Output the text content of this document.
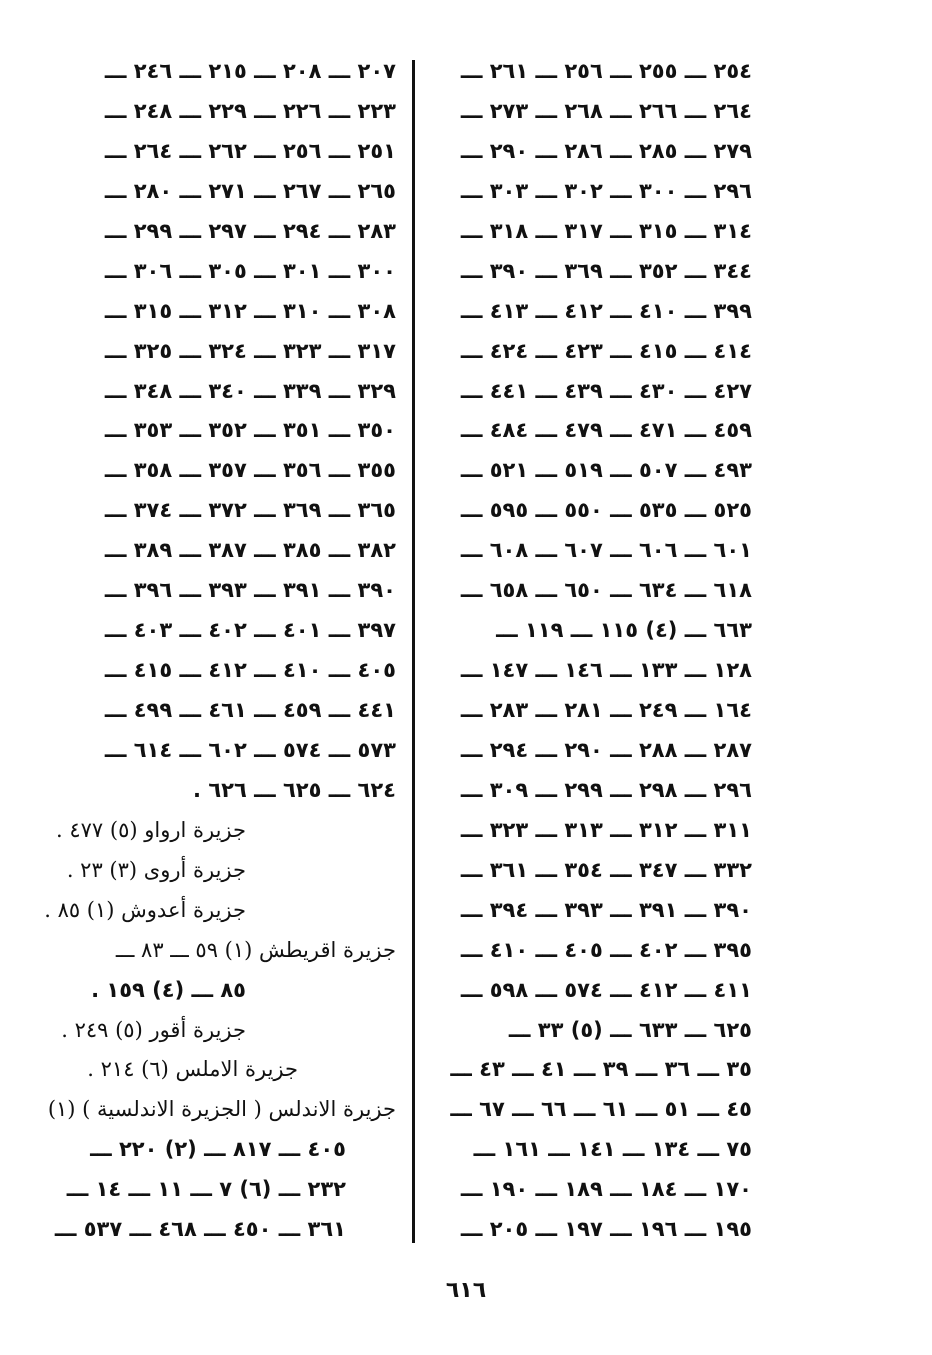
٢٥٤ ـــ ٢٥٥ ـــ ٢٥٦ ـــ ٢٦١ ـــ
٢٦٤ ـــ ٢٦٦ ـــ ٢٦٨ ـــ ٢٧٣ ـــ
٢٧٩ ـــ ٢٨٥ ـــ ٢٨٦ ـــ ٢٩٠ ـــ
٢٩٦ ـــ ٣٠٠ ـــ ٣٠٢ ـــ ٣٠٣ ـــ
٣١٤ ـــ ٣١٥ ـــ ٣١٧ ـــ ٣١٨ ـــ
٣٤٤ ـــ ٣٥٢ ـــ ٣٦٩ ـــ ٣٩٠ ـــ
٣٩٩ ـــ ٤١٠ ـــ ٤١٢ ـــ ٤١٣ ـــ
٤١٤ ـــ ٤١٥ ـــ ٤٢٣ ـــ ٤٢٤ ـــ
٤٢٧ ـــ ٤٣٠ ـــ ٤٣٩ ـــ ٤٤١ ـــ
٤٥٩ ـــ ٤٧١ ـــ ٤٧٩ ـــ ٤٨٤ ـــ
٤٩٣ ـــ ٥٠٧ ـــ ٥١٩ ـــ ٥٢١ ـــ
٥٢٥ ـــ ٥٣٥ ـــ ٥٥٠ ـــ ٥٩٥ ـــ
٦٠١ ـــ ٦٠٦ ـــ ٦٠٧ ـــ ٦٠٨ ـــ
٦١٨ ـــ ٦٣٤ ـــ ٦٥٠ ـــ ٦٥٨ ـــ
٦٦٣ ـــ (٤) ١١٥ ـــ ١١٩ ـــ
١٢٨ ـــ ١٣٣ ـــ ١٤٦ ـــ ١٤٧ ـــ
١٦٤ ـــ ٢٤٩ ـــ ٢٨١ ـــ ٢٨٣ ـــ
٢٨٧ ـــ ٢٨٨ ـــ ٢٩٠ ـــ ٢٩٤ ـــ
٢٩٦ ـــ ٢٩٨ ـــ ٢٩٩ ـــ ٣٠٩ ـــ
٣١١ ـــ ٣١٢ ـــ ٣١٣ ـــ ٣٢٣ ـــ
٣٣٢ ـــ ٣٤٧ ـــ ٣٥٤ ـــ ٣٦١ ـــ
٣٩٠ ـــ ٣٩١ ـــ ٣٩٣ ـــ ٣٩٤ ـــ
٣٩٥ ـــ ٤٠٢ ـــ ٤٠٥ ـــ ٤١٠ ـــ
٤١١ ـــ ٤١٢ ـــ ٥٧٤ ـــ ٥٩٨ ـــ
٦٢٥ ـــ ٦٣٣ ـــ (٥) ٣٣ ـــ
٣٥ ـــ ٣٦ ـــ ٣٩ ـــ ٤١ ـــ ٤٣ ـــ
٤٥ ـــ ٥١ ـــ ٦١ ـــ ٦٦ ـــ ٦٧ ـــ
٧٥ ـــ ١٣٤ ـــ ١٤١ ـــ ١٦١ ـــ
١٧٠ ـــ ١٨٤ ـــ ١٨٩ ـــ ١٩٠ ـــ
١٩٥ ـــ ١٩٦ ـــ ١٩٧ ـــ ٢٠٥ ـــ
٢٠٧ ـــ ٢٠٨ ـــ ٢١٥ ـــ ٢٤٦ ـــ
٢٢٣ ـــ ٢٢٦ ـــ ٢٢٩ ـــ ٢٤٨ ـــ
٢٥١ ـــ ٢٥٦ ـــ ٢٦٢ ـــ ٢٦٤ ـــ
٢٦٥ ـــ ٢٦٧ ـــ ٢٧١ ـــ ٢٨٠ ـــ
٢٨٣ ـــ ٢٩٤ ـــ ٢٩٧ ـــ ٢٩٩ ـــ
٣٠٠ ـــ ٣٠١ ـــ ٣٠٥ ـــ ٣٠٦ ـــ
٣٠٨ ـــ ٣١٠ ـــ ٣١٢ ـــ ٣١٥ ـــ
٣١٧ ـــ ٣٢٣ ـــ ٣٢٤ ـــ ٣٢٥ ـــ
٣٢٩ ـــ ٣٣٩ ـــ ٣٤٠ ـــ ٣٤٨ ـــ
٣٥٠ ـــ ٣٥١ ـــ ٣٥٢ ـــ ٣٥٣ ـــ
٣٥٥ ـــ ٣٥٦ ـــ ٣٥٧ ـــ ٣٥٨ ـــ
٣٦٥ ـــ ٣٦٩ ـــ ٣٧٢ ـــ ٣٧٤ ـــ
٣٨٢ ـــ ٣٨٥ ـــ ٣٨٧ ـــ ٣٨٩ ـــ
٣٩٠ ـــ ٣٩١ ـــ ٣٩٣ ـــ ٣٩٦ ـــ
٣٩٧ ـــ ٤٠١ ـــ ٤٠٢ ـــ ٤٠٣ ـــ
٤٠٥ ـــ ٤١٠ ـــ ٤١٢ ـــ ٤١٥ ـــ
٤٤١ ـــ ٤٥٩ ـــ ٤٦١ ـــ ٤٩٩ ـــ
٥٧٣ ـــ ٥٧٤ ـــ ٦٠٢ ـــ ٦١٤ ـــ
٦٢٤ ـــ ٦٢٥ ـــ ٦٢٦ .
جزيرة ارواو (٥) ٤٧٧ .
جزيرة أروى (٣) ٢٣ .
جزيرة أعدوش (١) ٨٥ .
جزيرة اقريطش (١) ٥٩ ـــ ٨٣ ـــ
٨٥ ـــ (٤) ١٥٩ .
جزيرة أقور (٥) ٢٤٩ .
جزيرة الاملس (٦) ٢١٤ .
جزيرة الاندلس ( الجزيرة الاندلسية ) (١)
٤٠٥ ـــ ٨١٧ ـــ (٢) ٢٢٠ ـــ
٢٣٢ ـــ (٦) ٧ ـــ ١١ ـــ ١٤ ـــ
٣٦١ ـــ ٤٥٠ ـــ ٤٦٨ ـــ ٥٣٧ ـــ
٦١٦
